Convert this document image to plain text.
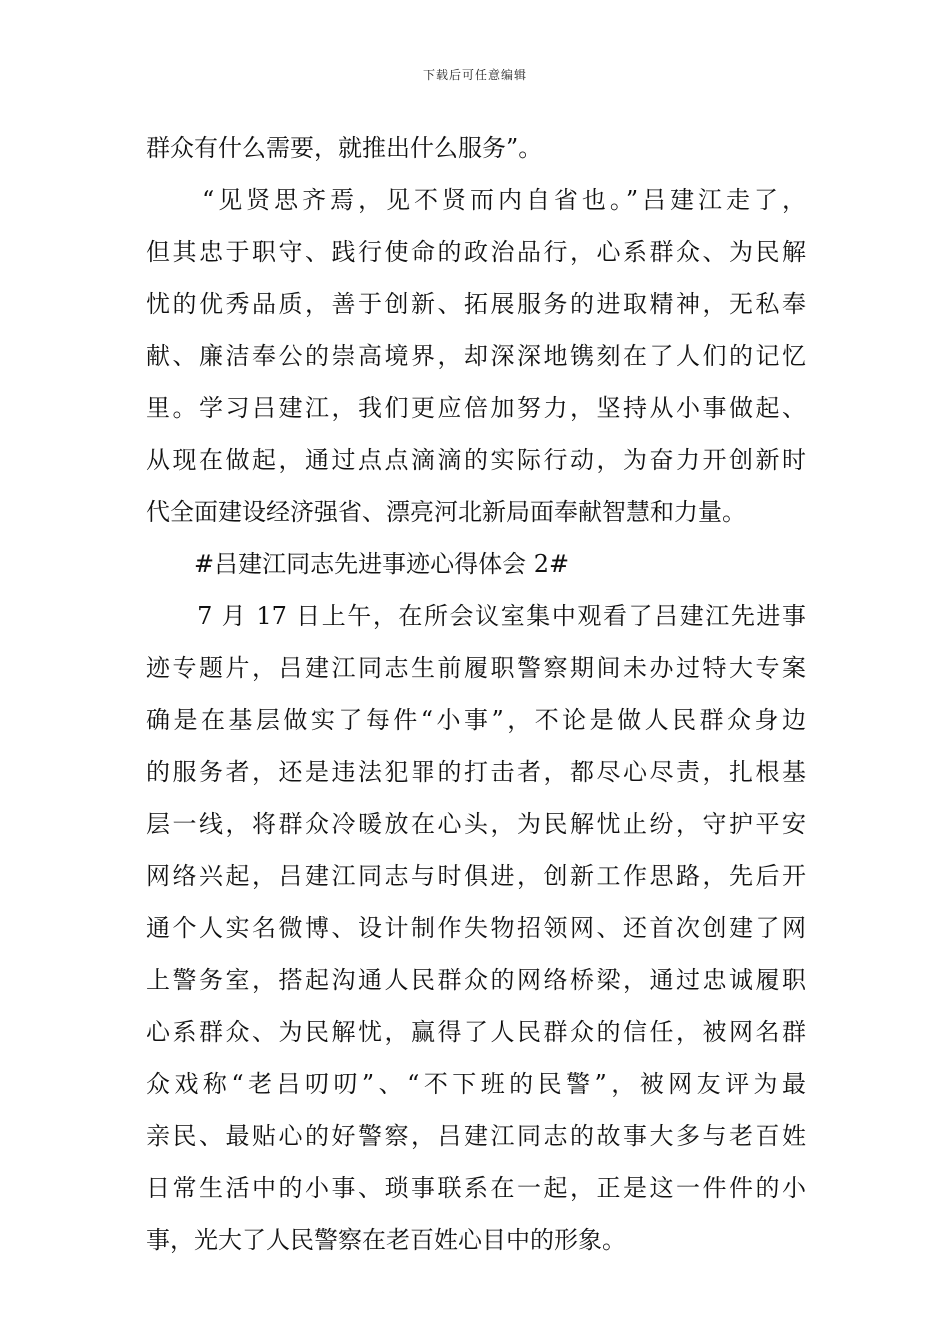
下载后可任意编辑
群众有什么需要，就推出什么服务”。
　　“见贤思齐焉，见不贤而内自省也。”吕建江走了，
但其忠于职守、践行使命的政治品行，心系群众、为民解
忧的优秀品质，善于创新、拓展服务的进取精神，无私奉
献、廉洁奉公的崇高境界，却深深地镌刻在了人们的记忆
里。学习吕建江，我们更应倍加努力，坚持从小事做起、
从现在做起，通过点点滴滴的实际行动，为奋力开创新时
代全面建设经济强省、漂亮河北新局面奉献智慧和力量。
　　#吕建江同志先进事迹心得体会 2#
　　7 月 17 日上午，在所会议室集中观看了吕建江先进事
迹专题片，吕建江同志生前履职警察期间未办过特大专案
确是在基层做实了每件“小事”，不论是做人民群众身边
的服务者，还是违法犯罪的打击者，都尽心尽责，扎根基
层一线，将群众冷暖放在心头，为民解忧止纷，守护平安
网络兴起，吕建江同志与时俱进，创新工作思路，先后开
通个人实名微博、设计制作失物招领网、还首次创建了网
上警务室，搭起沟通人民群众的网络桥梁，通过忠诚履职
心系群众、为民解忧，赢得了人民群众的信任，被网名群
众戏称“老吕叨叨”、“不下班的民警”，被网友评为最
亲民、最贴心的好警察，吕建江同志的故事大多与老百姓
日常生活中的小事、琐事联系在一起，正是这一件件的小
事，光大了人民警察在老百姓心目中的形象。
